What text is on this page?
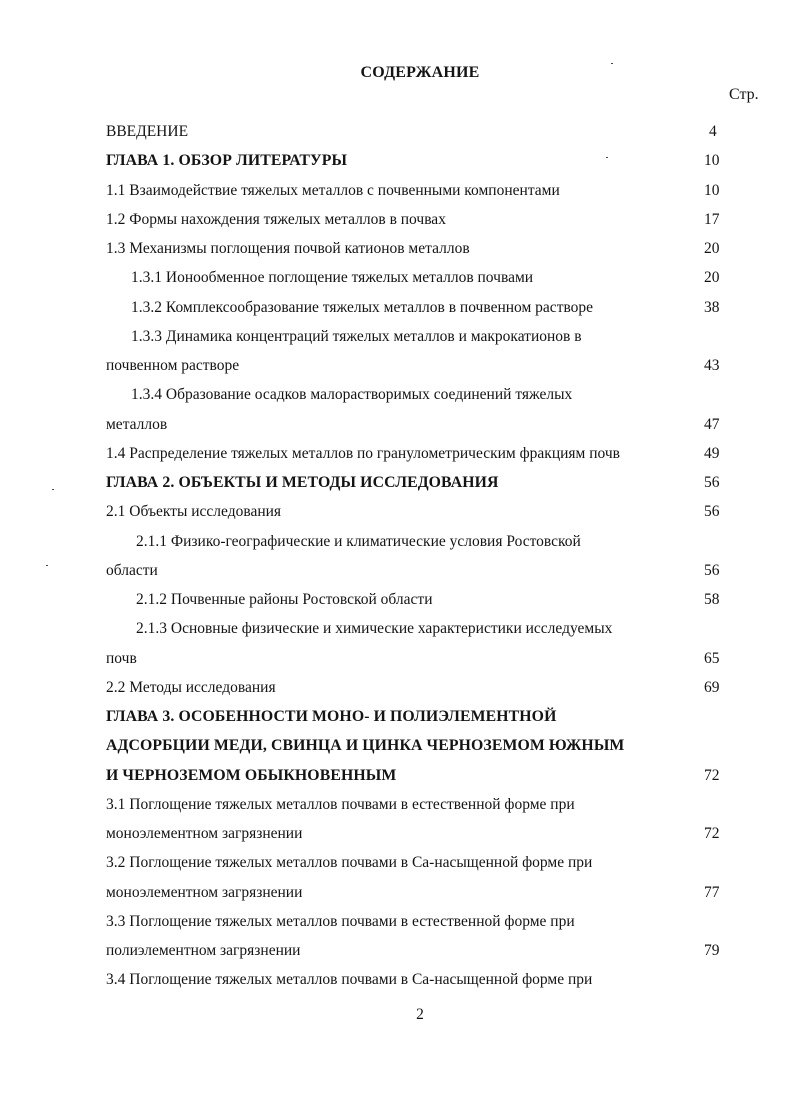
СОДЕРЖАНИЕ
Стр.
ВВЕДЕНИЕ	4
ГЛАВА 1. ОБЗОР ЛИТЕРАТУРЫ	10
1.1 Взаимодействие тяжелых металлов с почвенными компонентами	10
1.2 Формы нахождения тяжелых металлов в почвах	17
1.3 Механизмы поглощения почвой катионов металлов	20
1.3.1 Ионообменное поглощение тяжелых металлов почвами	20
1.3.2 Комплексообразование тяжелых металлов в почвенном растворе	38
1.3.3 Динамика концентраций тяжелых металлов и макрокатионов в
почвенном растворе	43
1.3.4 Образование осадков малорастворимых соединений тяжелых
металлов	47
1.4 Распределение тяжелых металлов по гранулометрическим фракциям почв	49
ГЛАВА 2. ОБЪЕКТЫ И МЕТОДЫ ИССЛЕДОВАНИЯ	56
2.1 Объекты исследования	56
2.1.1 Физико-географические и климатические условия Ростовской
области	56
2.1.2 Почвенные районы Ростовской области	58
2.1.3 Основные физические и химические характеристики исследуемых
почв	65
2.2 Методы исследования	69
ГЛАВА 3. ОСОБЕННОСТИ МОНО- И ПОЛИЭЛЕМЕНТНОЙ
АДСОРБЦИИ МЕДИ, СВИНЦА И ЦИНКА ЧЕРНОЗЕМОМ ЮЖНЫМ
И ЧЕРНОЗЕМОМ ОБЫКНОВЕННЫМ	72
3.1 Поглощение тяжелых металлов почвами в естественной форме при
моноэлементном загрязнении	72
3.2 Поглощение тяжелых металлов почвами в Са-насыщенной форме при
моноэлементном загрязнении	77
3.3 Поглощение тяжелых металлов почвами в естественной форме при
полиэлементном загрязнении	79
3.4 Поглощение тяжелых металлов почвами в Са-насыщенной форме при
2
